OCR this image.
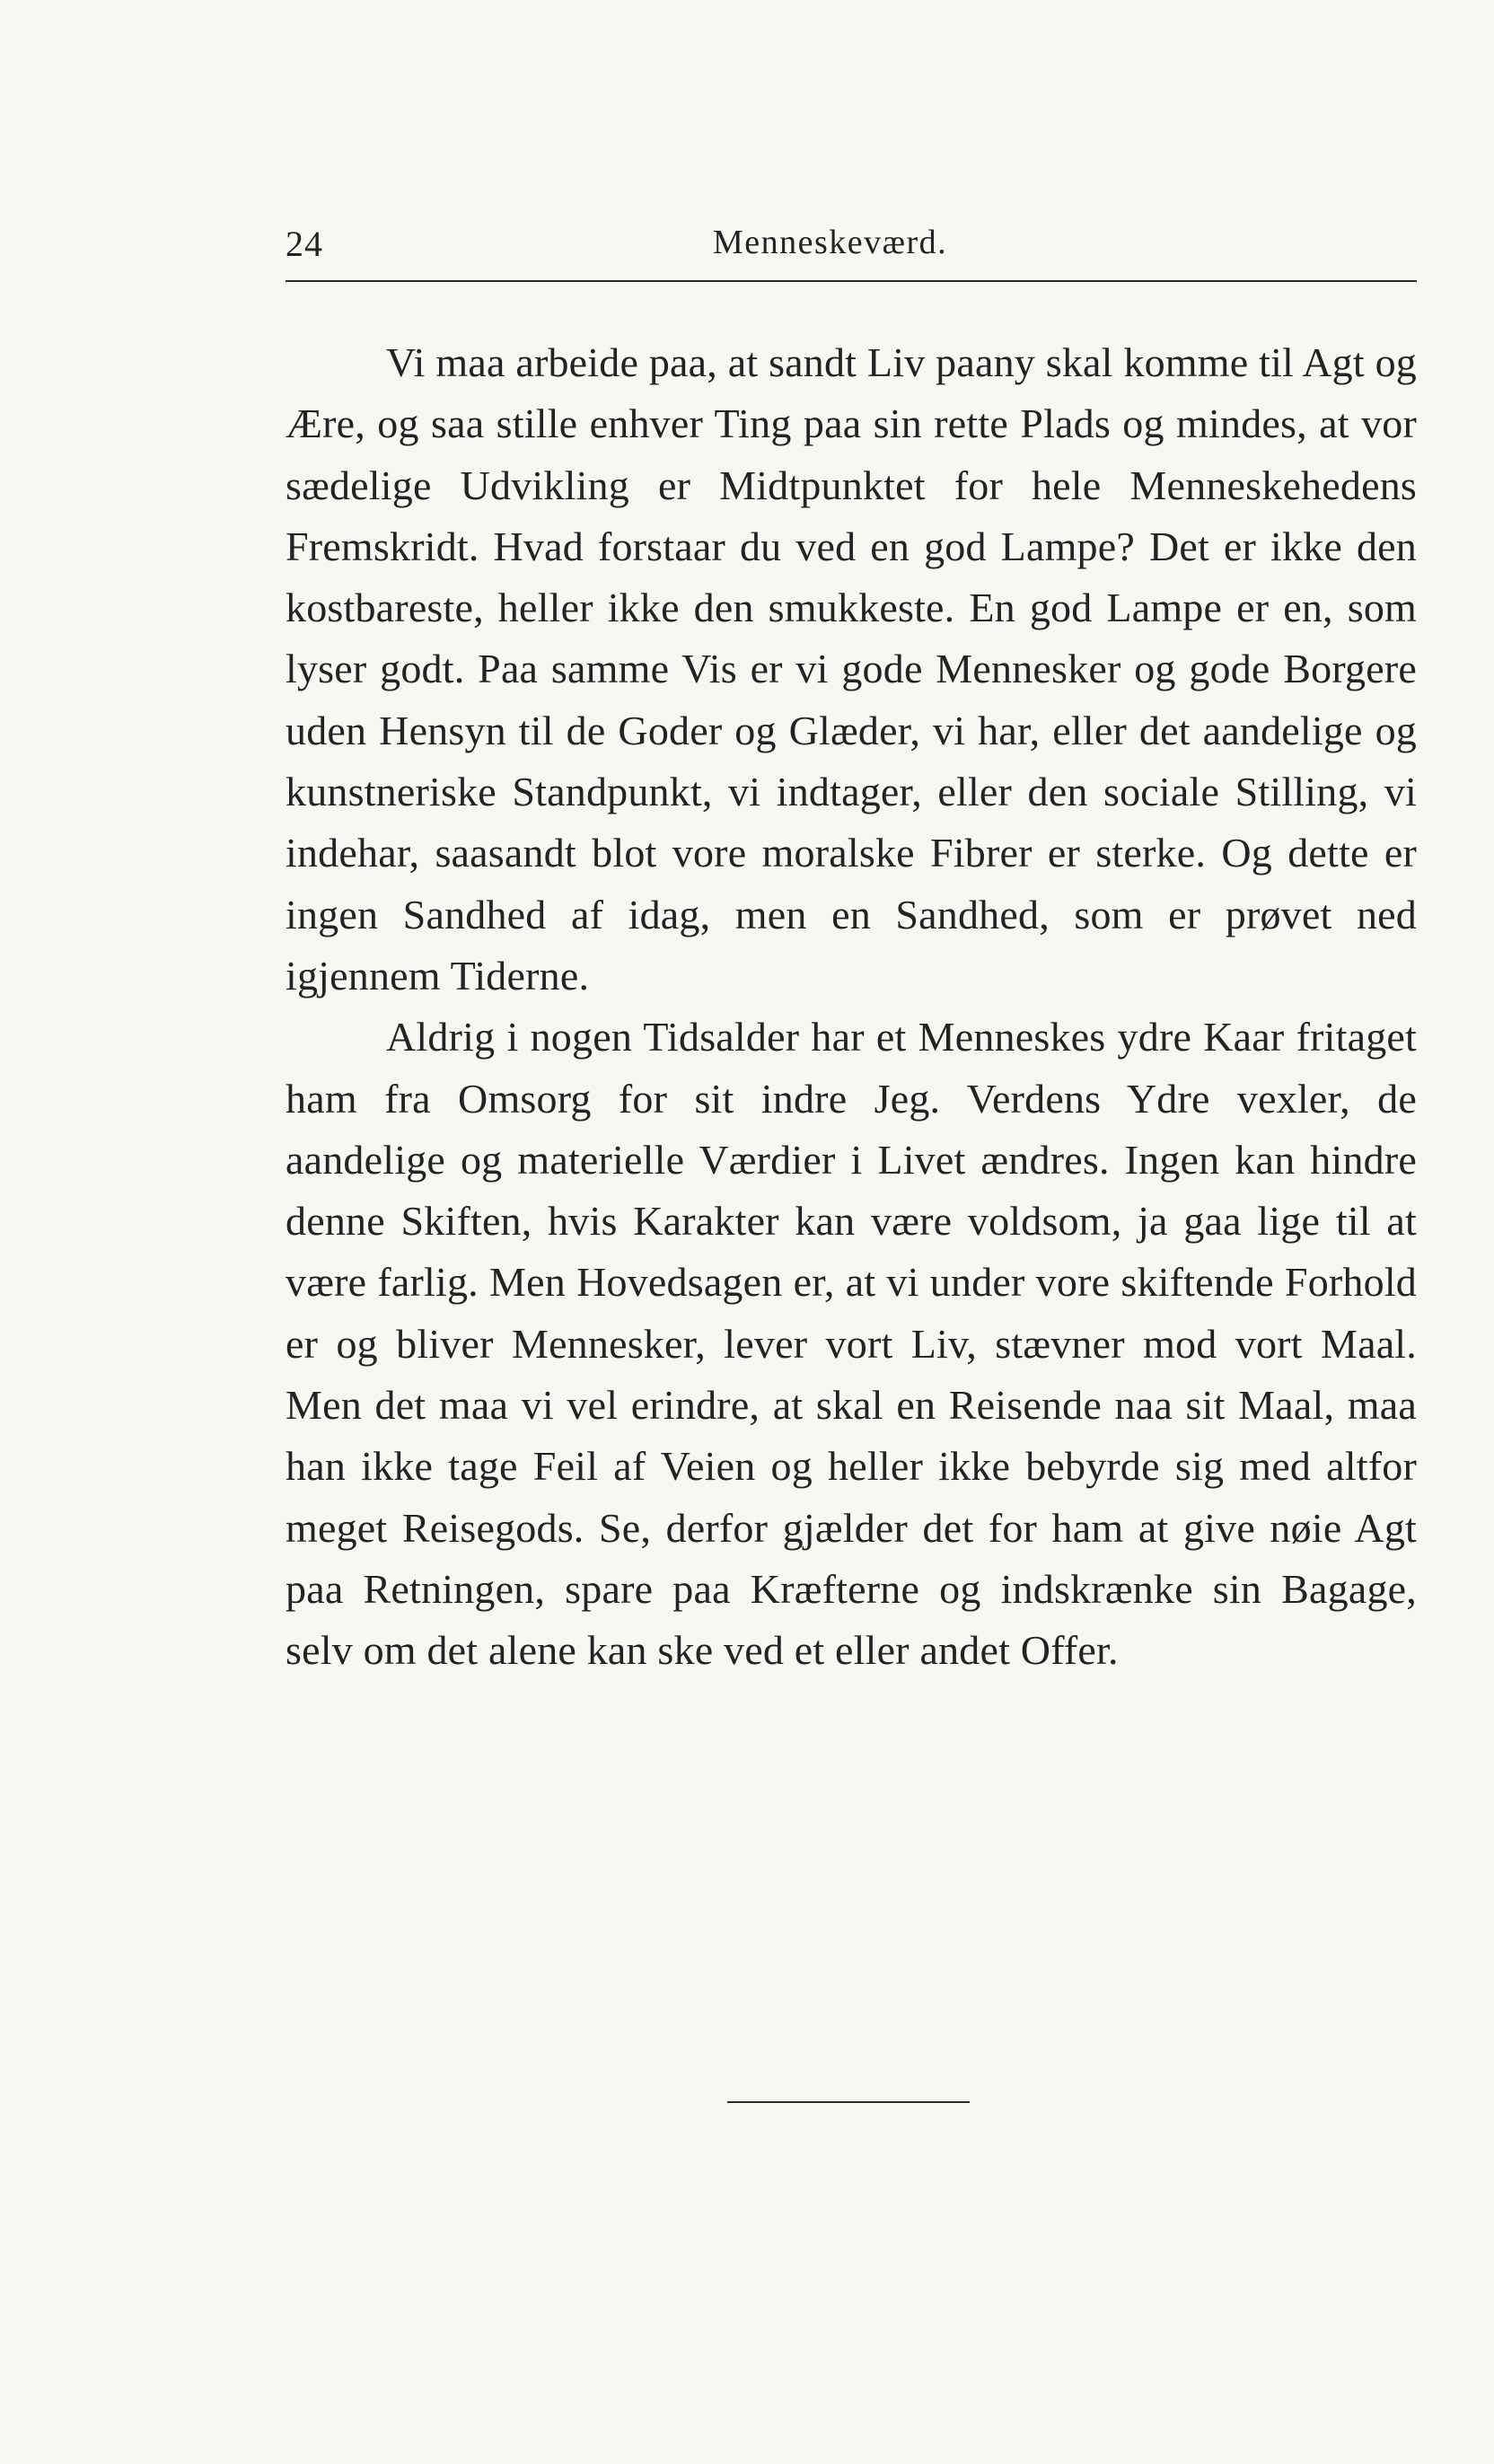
24	Menneskeværd.

Vi maa arbeide paa, at sandt Liv paany skal komme til Agt og Ære, og saa stille enhver Ting paa sin rette Plads og mindes, at vor sædelige Udvikling er Midtpunktet for hele Menneskehedens Fremskridt. Hvad forstaar du ved en god Lampe? Det er ikke den kostbareste, heller ikke den smukkeste. En god Lampe er en, som lyser godt. Paa samme Vis er vi gode Mennesker og gode Borgere uden Hensyn til de Goder og Glæder, vi har, eller det aandelige og kunstneriske Standpunkt, vi indtager, eller den sociale Stilling, vi indehar, saasandt blot vore moralske Fibrer er sterke. Og dette er ingen Sandhed af idag, men en Sandhed, som er prøvet ned igjennem Tiderne.

Aldrig i nogen Tidsalder har et Menneskes ydre Kaar fritaget ham fra Omsorg for sit indre Jeg. Verdens Ydre vexler, de aandelige og materielle Værdier i Livet ændres. Ingen kan hindre denne Skiften, hvis Karakter kan være voldsom, ja gaa lige til at være farlig. Men Hovedsagen er, at vi under vore skiftende Forhold er og bliver Mennesker, lever vort Liv, stævner mod vort Maal. Men det maa vi vel erindre, at skal en Reisende naa sit Maal, maa han ikke tage Feil af Veien og heller ikke bebyrde sig med altfor meget Reisegods. Se, derfor gjælder det for ham at give nøie Agt paa Retningen, spare paa Kræfterne og indskrænke sin Bagage, selv om det alene kan ske ved et eller andet Offer.
